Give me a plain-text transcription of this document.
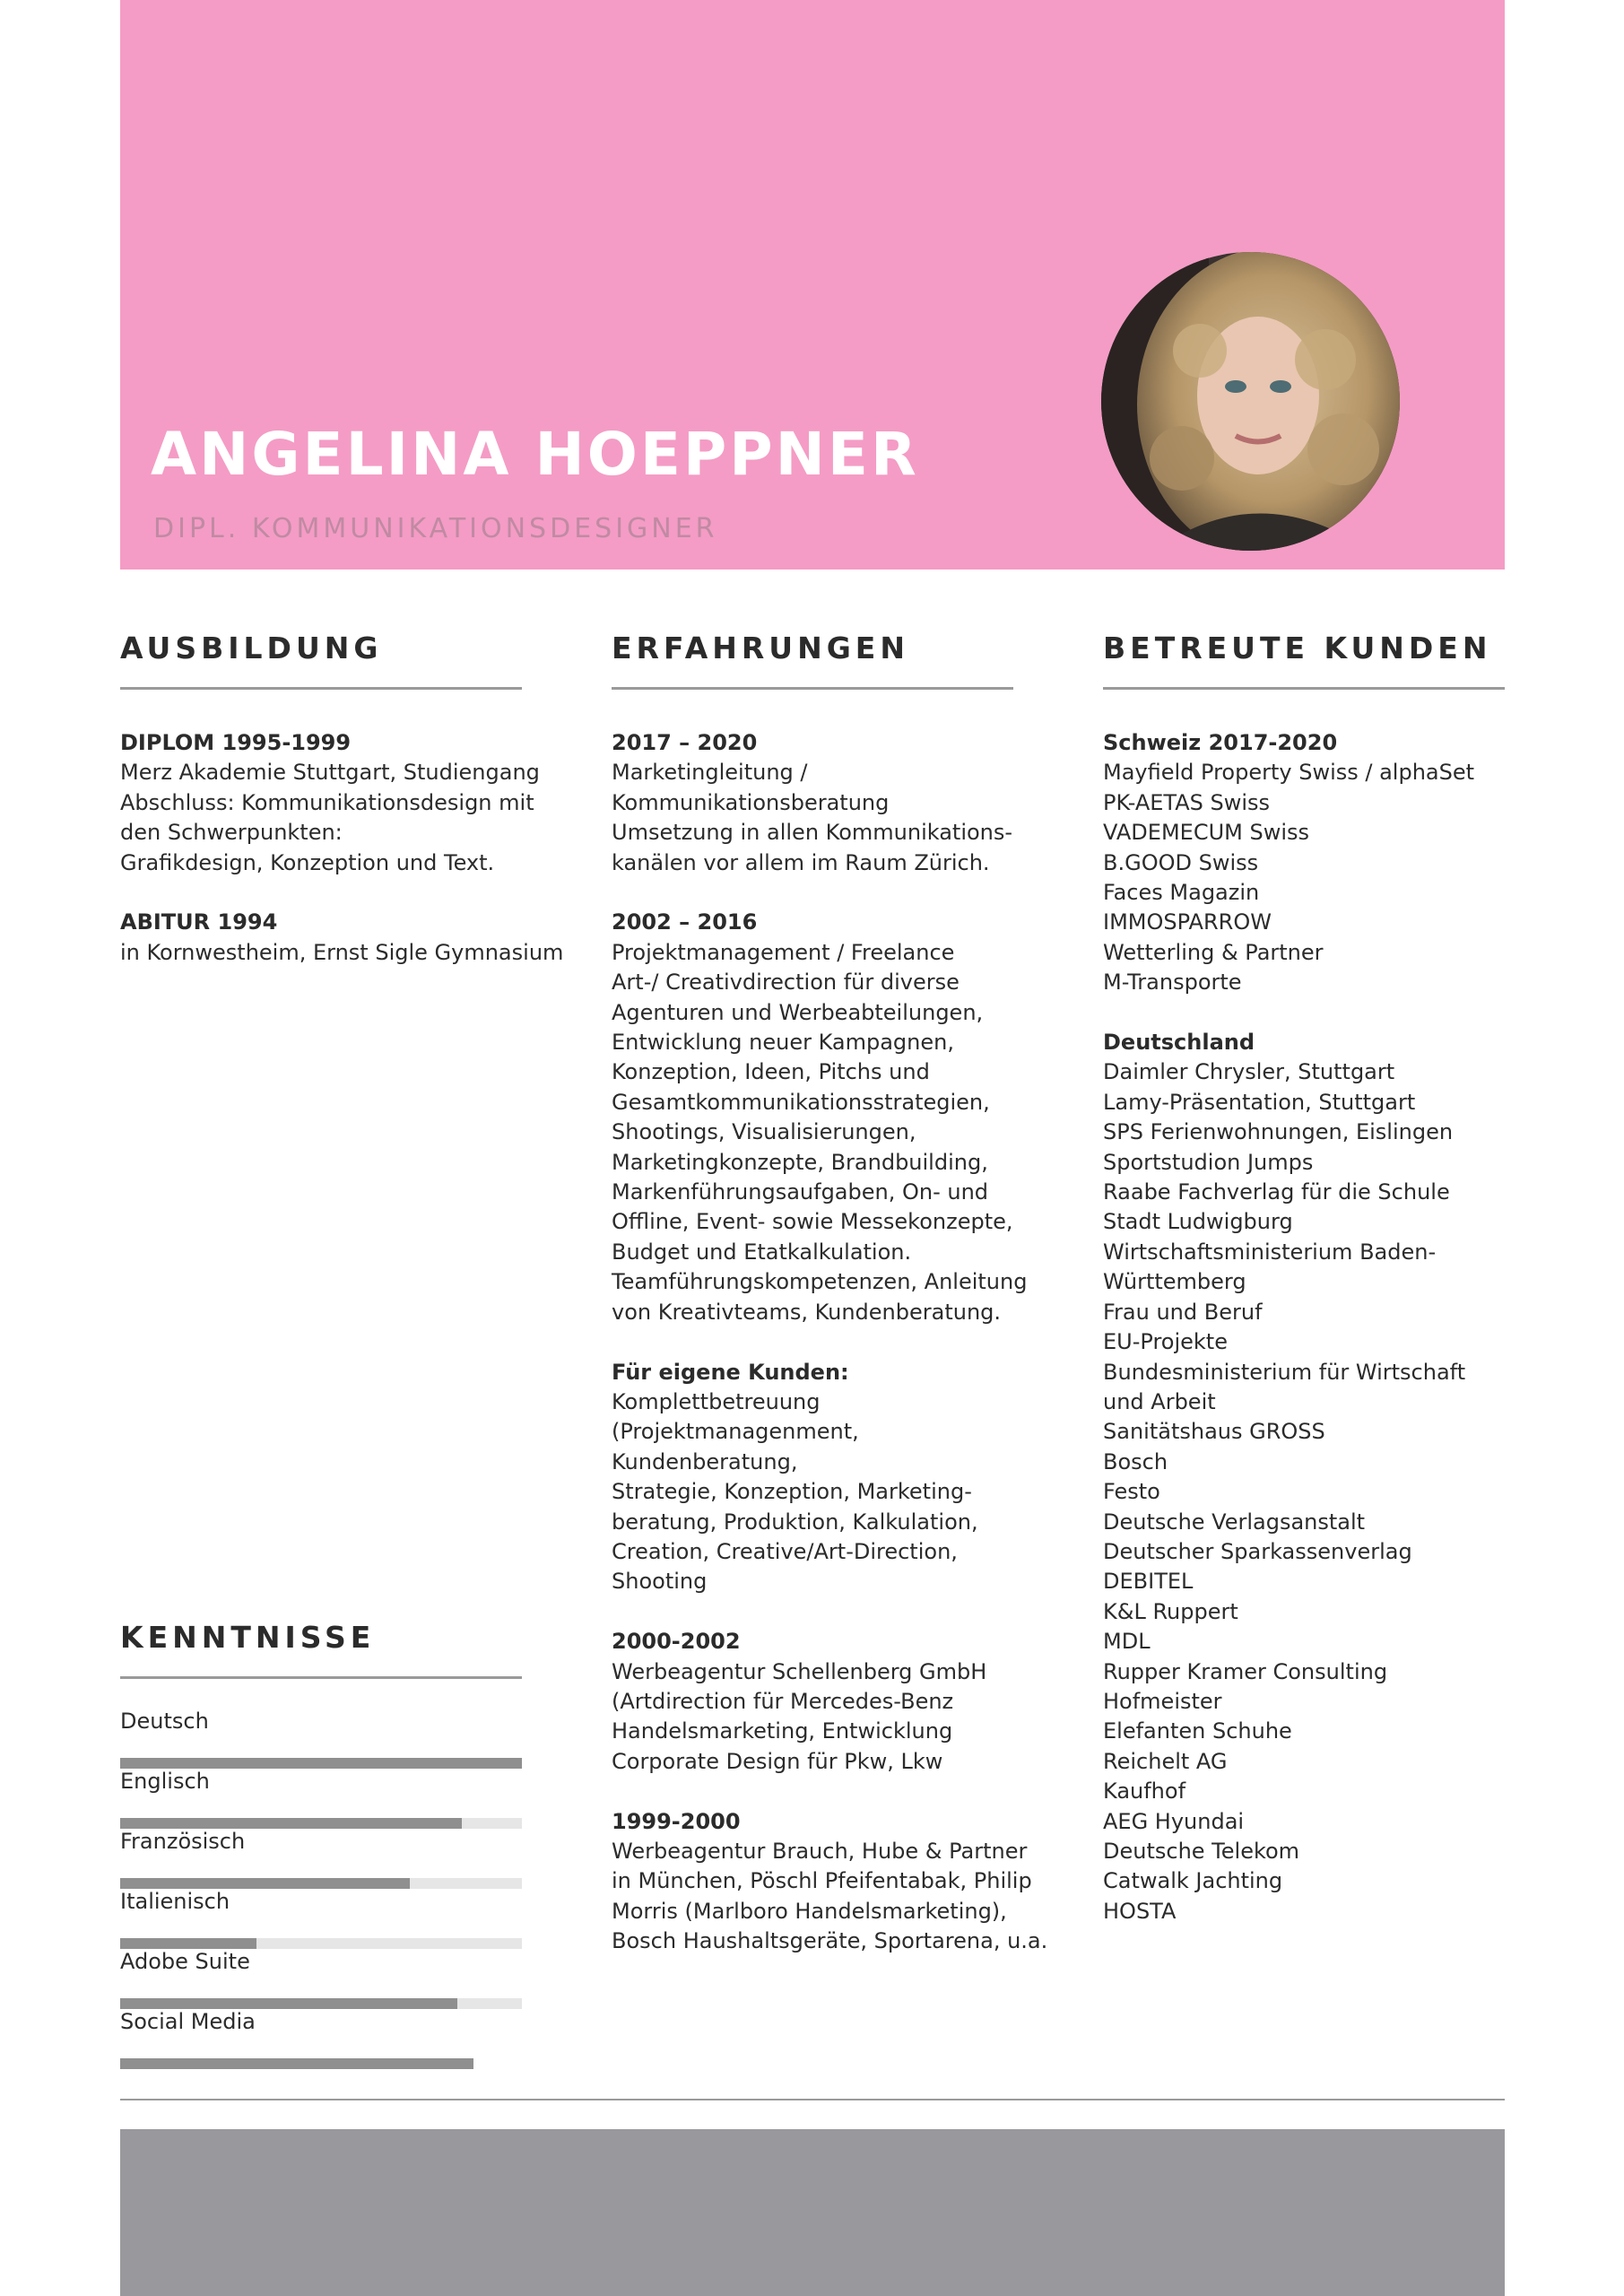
ANGELINA HOEPPNER
DIPL. KOMMUNIKATIONSDESIGNER
AUSBILDUNG	ERFAHRUNGEN	BETREUTE KUNDEN

DIPLOM 1995-1999

Merz Akademie Stuttgart, Studiengang

Abschluss: Kommunikationsdesign mit

den Schwerpunkten:

Grafikdesign, Konzeption und Text.

ABITUR 1994

in Kornwestheim, Ernst Sigle Gymnasium

2017 – 2020

Marketingleitung /

Kommunikationsberatung

Umsetzung in allen Kommunikations-

kanälen vor allem im Raum Zürich.

2002 – 2016

Projektmanagement / Freelance

Art-/ Creativdirection für diverse

Agenturen und Werbeabteilungen,

Entwicklung neuer Kampagnen,

Konzeption, Ideen, Pitchs und

Gesamtkommunikationsstrategien,

Shootings, Visualisierungen,

Marketingkonzepte, Brandbuilding,

Markenführungsaufgaben, On- und

Offline, Event- sowie Messekonzepte,

Budget und Etatkalkulation.

Teamführungskompetenzen, Anleitung

von Kreativteams, Kundenberatung.

Für eigene Kunden:

Komplettbetreuung

(Projektmanagenment,

Kundenberatung,

Strategie, Konzeption, Marketing-

beratung, Produktion, Kalkulation,

Creation, Creative/Art-Direction,

Shooting

2000-2002

Werbeagentur Schellenberg GmbH

(Artdirection für Mercedes-Benz

Handelsmarketing, Entwicklung

Corporate Design für Pkw, Lkw

1999-2000

Werbeagentur Brauch, Hube & Partner

in München, Pöschl Pfeifentabak, Philip

Morris (Marlboro Handelsmarketing),

Bosch Haushaltsgeräte, Sportarena, u.a.

Schweiz 2017-2020

Mayfield Property Swiss / alphaSet

PK-AETAS Swiss

VADEMECUM Swiss

B.GOOD Swiss

Faces Magazin

IMMOSPARROW

Wetterling & Partner

M-Transporte

Deutschland

Daimler Chrysler, Stuttgart

Lamy-Präsentation, Stuttgart

SPS Ferienwohnungen, Eislingen

Sportstudion Jumps

Raabe Fachverlag für die Schule

Stadt Ludwigburg

Wirtschaftsministerium Baden-

Württemberg

Frau und Beruf

EU-Projekte

Bundesministerium für Wirtschaft

und Arbeit

Sanitätshaus GROSS

Bosch

Festo

Deutsche Verlagsanstalt

Deutscher Sparkassenverlag

DEBITEL

K&L Ruppert

MDL

Rupper Kramer Consulting

Hofmeister

Elefanten Schuhe

Reichelt AG

Kaufhof

AEG Hyundai

Deutsche Telekom

Catwalk Jachting

HOSTA

KENNTNISSE
Deutsch
Englisch
Französisch
Italienisch
Adobe Suite
Social Media
